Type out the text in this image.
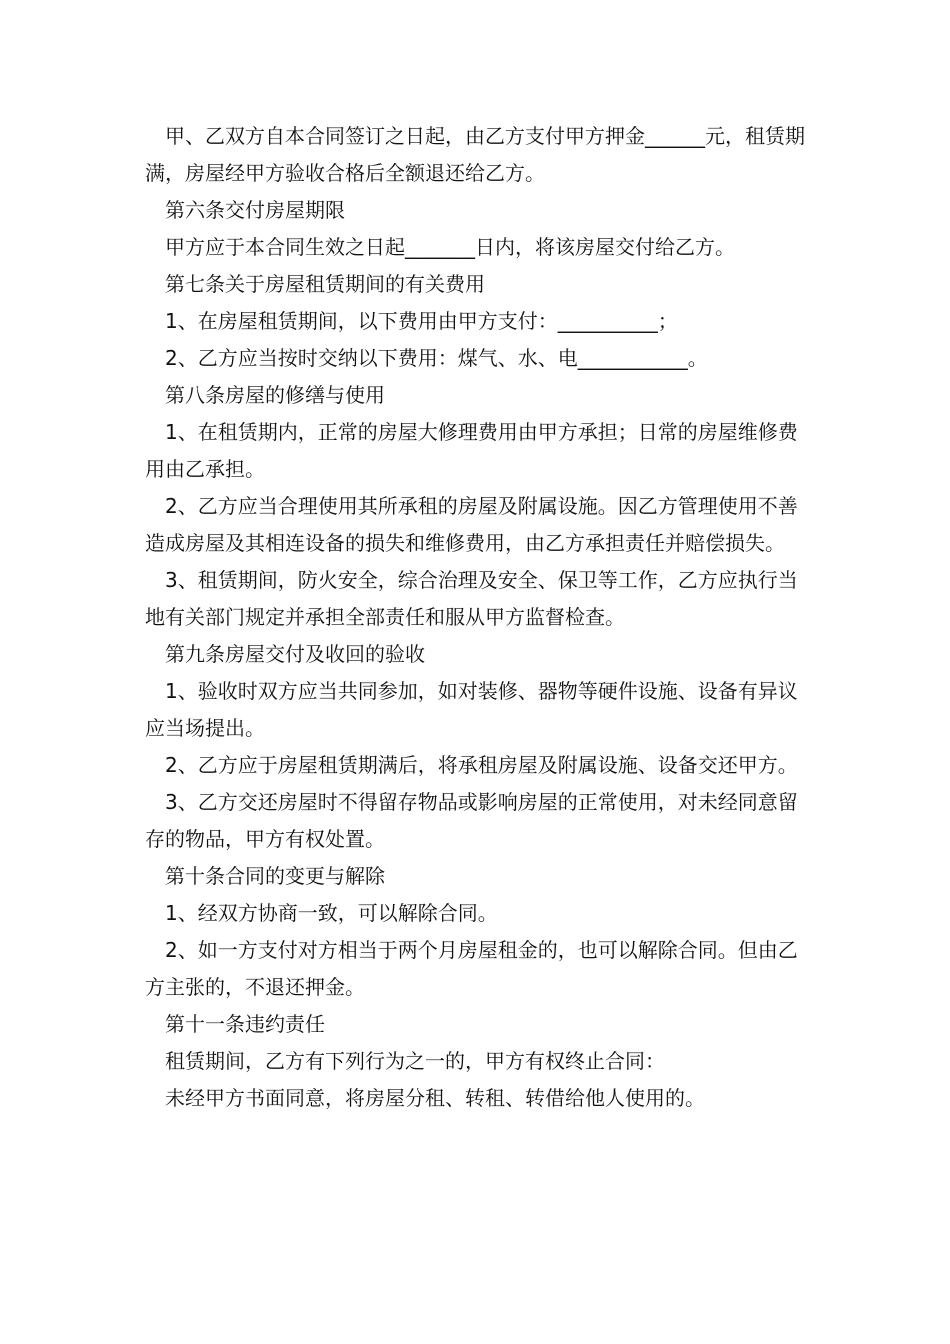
甲、乙双方自本合同签订之日起，由乙方支付甲方押金______元，租赁期满，房屋经甲方验收合格后全额退还给乙方。

第六条交付房屋期限

甲方应于本合同生效之日起_______日内，将该房屋交付给乙方。

第七条关于房屋租赁期间的有关费用

1、在房屋租赁期间，以下费用由甲方支付：__________；

2、乙方应当按时交纳以下费用：煤气、水、电___________。

第八条房屋的修缮与使用

1、在租赁期内，正常的房屋大修理费用由甲方承担；日常的房屋维修费用由乙承担。

2、乙方应当合理使用其所承租的房屋及附属设施。因乙方管理使用不善造成房屋及其相连设备的损失和维修费用，由乙方承担责任并赔偿损失。

3、租赁期间，防火安全，综合治理及安全、保卫等工作，乙方应执行当地有关部门规定并承担全部责任和服从甲方监督检查。

第九条房屋交付及收回的验收

1、验收时双方应当共同参加，如对装修、器物等硬件设施、设备有异议应当场提出。

2、乙方应于房屋租赁期满后，将承租房屋及附属设施、设备交还甲方。

3、乙方交还房屋时不得留存物品或影响房屋的正常使用，对未经同意留存的物品，甲方有权处置。

第十条合同的变更与解除

1、经双方协商一致，可以解除合同。

2、如一方支付对方相当于两个月房屋租金的，也可以解除合同。但由乙方主张的，不退还押金。

第十一条违约责任

租赁期间，乙方有下列行为之一的，甲方有权终止合同：

未经甲方书面同意，将房屋分租、转租、转借给他人使用的。
